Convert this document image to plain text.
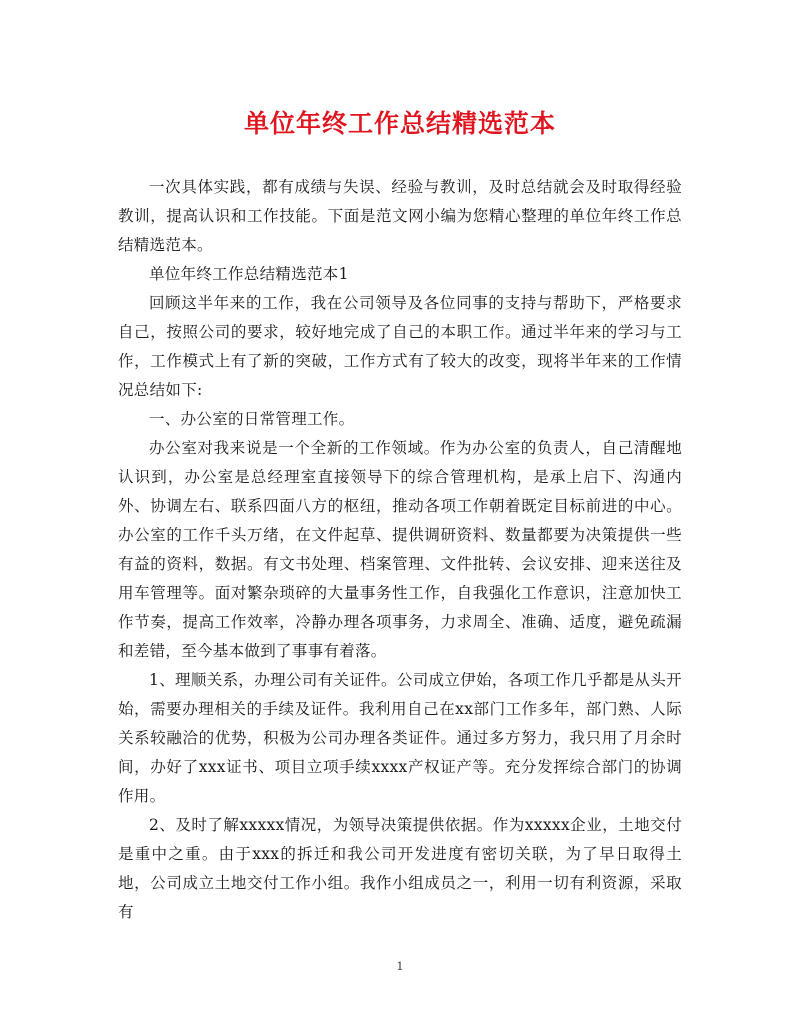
单位年终工作总结精选范本

一次具体实践，都有成绩与失误、经验与教训，及时总结就会及时取得经验教训，提高认识和工作技能。下面是范文网小编为您精心整理的单位年终工作总结精选范本。

单位年终工作总结精选范本1

回顾这半年来的工作，我在公司领导及各位同事的支持与帮助下，严格要求自己，按照公司的要求，较好地完成了自己的本职工作。通过半年来的学习与工作，工作模式上有了新的突破，工作方式有了较大的改变，现将半年来的工作情况总结如下:

一、办公室的日常管理工作。

办公室对我来说是一个全新的工作领域。作为办公室的负责人，自己清醒地认识到，办公室是总经理室直接领导下的综合管理机构，是承上启下、沟通内外、协调左右、联系四面八方的枢纽，推动各项工作朝着既定目标前进的中心。办公室的工作千头万绪，在文件起草、提供调研资料、数量都要为决策提供一些有益的资料，数据。有文书处理、档案管理、文件批转、会议安排、迎来送往及用车管理等。面对繁杂琐碎的大量事务性工作，自我强化工作意识，注意加快工作节奏，提高工作效率，冷静办理各项事务，力求周全、准确、适度，避免疏漏和差错，至今基本做到了事事有着落。

1、理顺关系，办理公司有关证件。公司成立伊始，各项工作几乎都是从头开始，需要办理相关的手续及证件。我利用自己在xx部门工作多年，部门熟、人际关系较融洽的优势，积极为公司办理各类证件。通过多方努力，我只用了月余时间，办好了xxx证书、项目立项手续xxxx产权证产等。充分发挥综合部门的协调作用。

2、及时了解xxxxx情况，为领导决策提供依据。作为xxxxx企业，土地交付是重中之重。由于xxx的拆迁和我公司开发进度有密切关联，为了早日取得土地，公司成立土地交付工作小组。我作小组成员之一，利用一切有利资源，采取有

1
